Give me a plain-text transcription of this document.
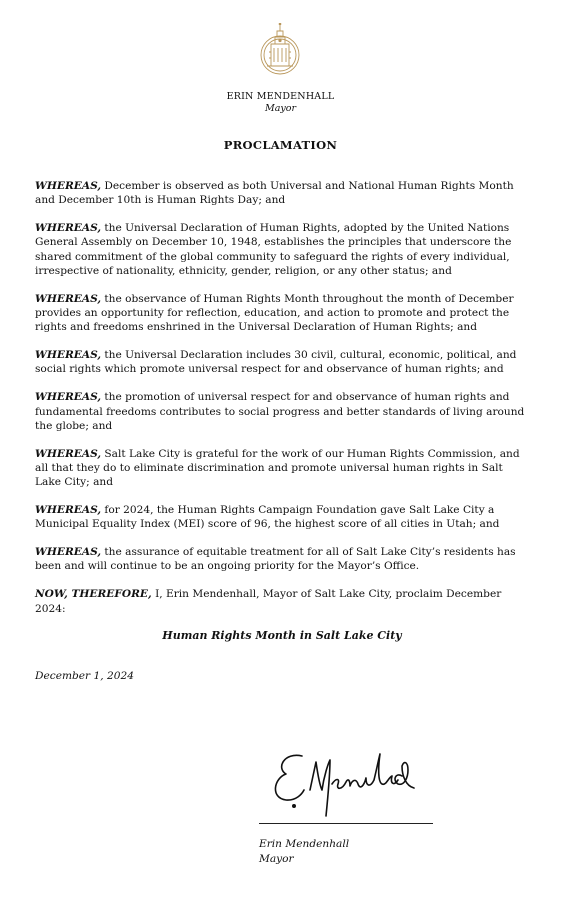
ERIN MENDENHALL
Mayor
PROCLAMATION

WHEREAS, December is observed as both Universal and National Human Rights Month and December 10th is Human Rights Day; and

WHEREAS, the Universal Declaration of Human Rights, adopted by the United Nations General Assembly on December 10, 1948, establishes the principles that underscore the shared commitment of the global community to safeguard the rights of every individual, irrespective of nationality, ethnicity, gender, religion, or any other status; and

WHEREAS, the observance of Human Rights Month throughout the month of December provides an opportunity for reflection, education, and action to promote and protect the rights and freedoms enshrined in the Universal Declaration of Human Rights; and

WHEREAS, the Universal Declaration includes 30 civil, cultural, economic, political, and social rights which promote universal respect for and observance of human rights; and

WHEREAS, the promotion of universal respect for and observance of human rights and fundamental freedoms contributes to social progress and better standards of living around the globe; and

WHEREAS, Salt Lake City is grateful for the work of our Human Rights Commission, and all that they do to eliminate discrimination and promote universal human rights in Salt Lake City; and

WHEREAS, for 2024, the Human Rights Campaign Foundation gave Salt Lake City a Municipal Equality Index (MEI) score of 96, the highest score of all cities in Utah; and

WHEREAS, the assurance of equitable treatment for all of Salt Lake City’s residents has been and will continue to be an ongoing priority for the Mayor’s Office.

NOW, THEREFORE, I, Erin Mendenhall, Mayor of Salt Lake City, proclaim December 2024:

Human Rights Month in Salt Lake City
December 1, 2024
Erin Mendenhall
Mayor
